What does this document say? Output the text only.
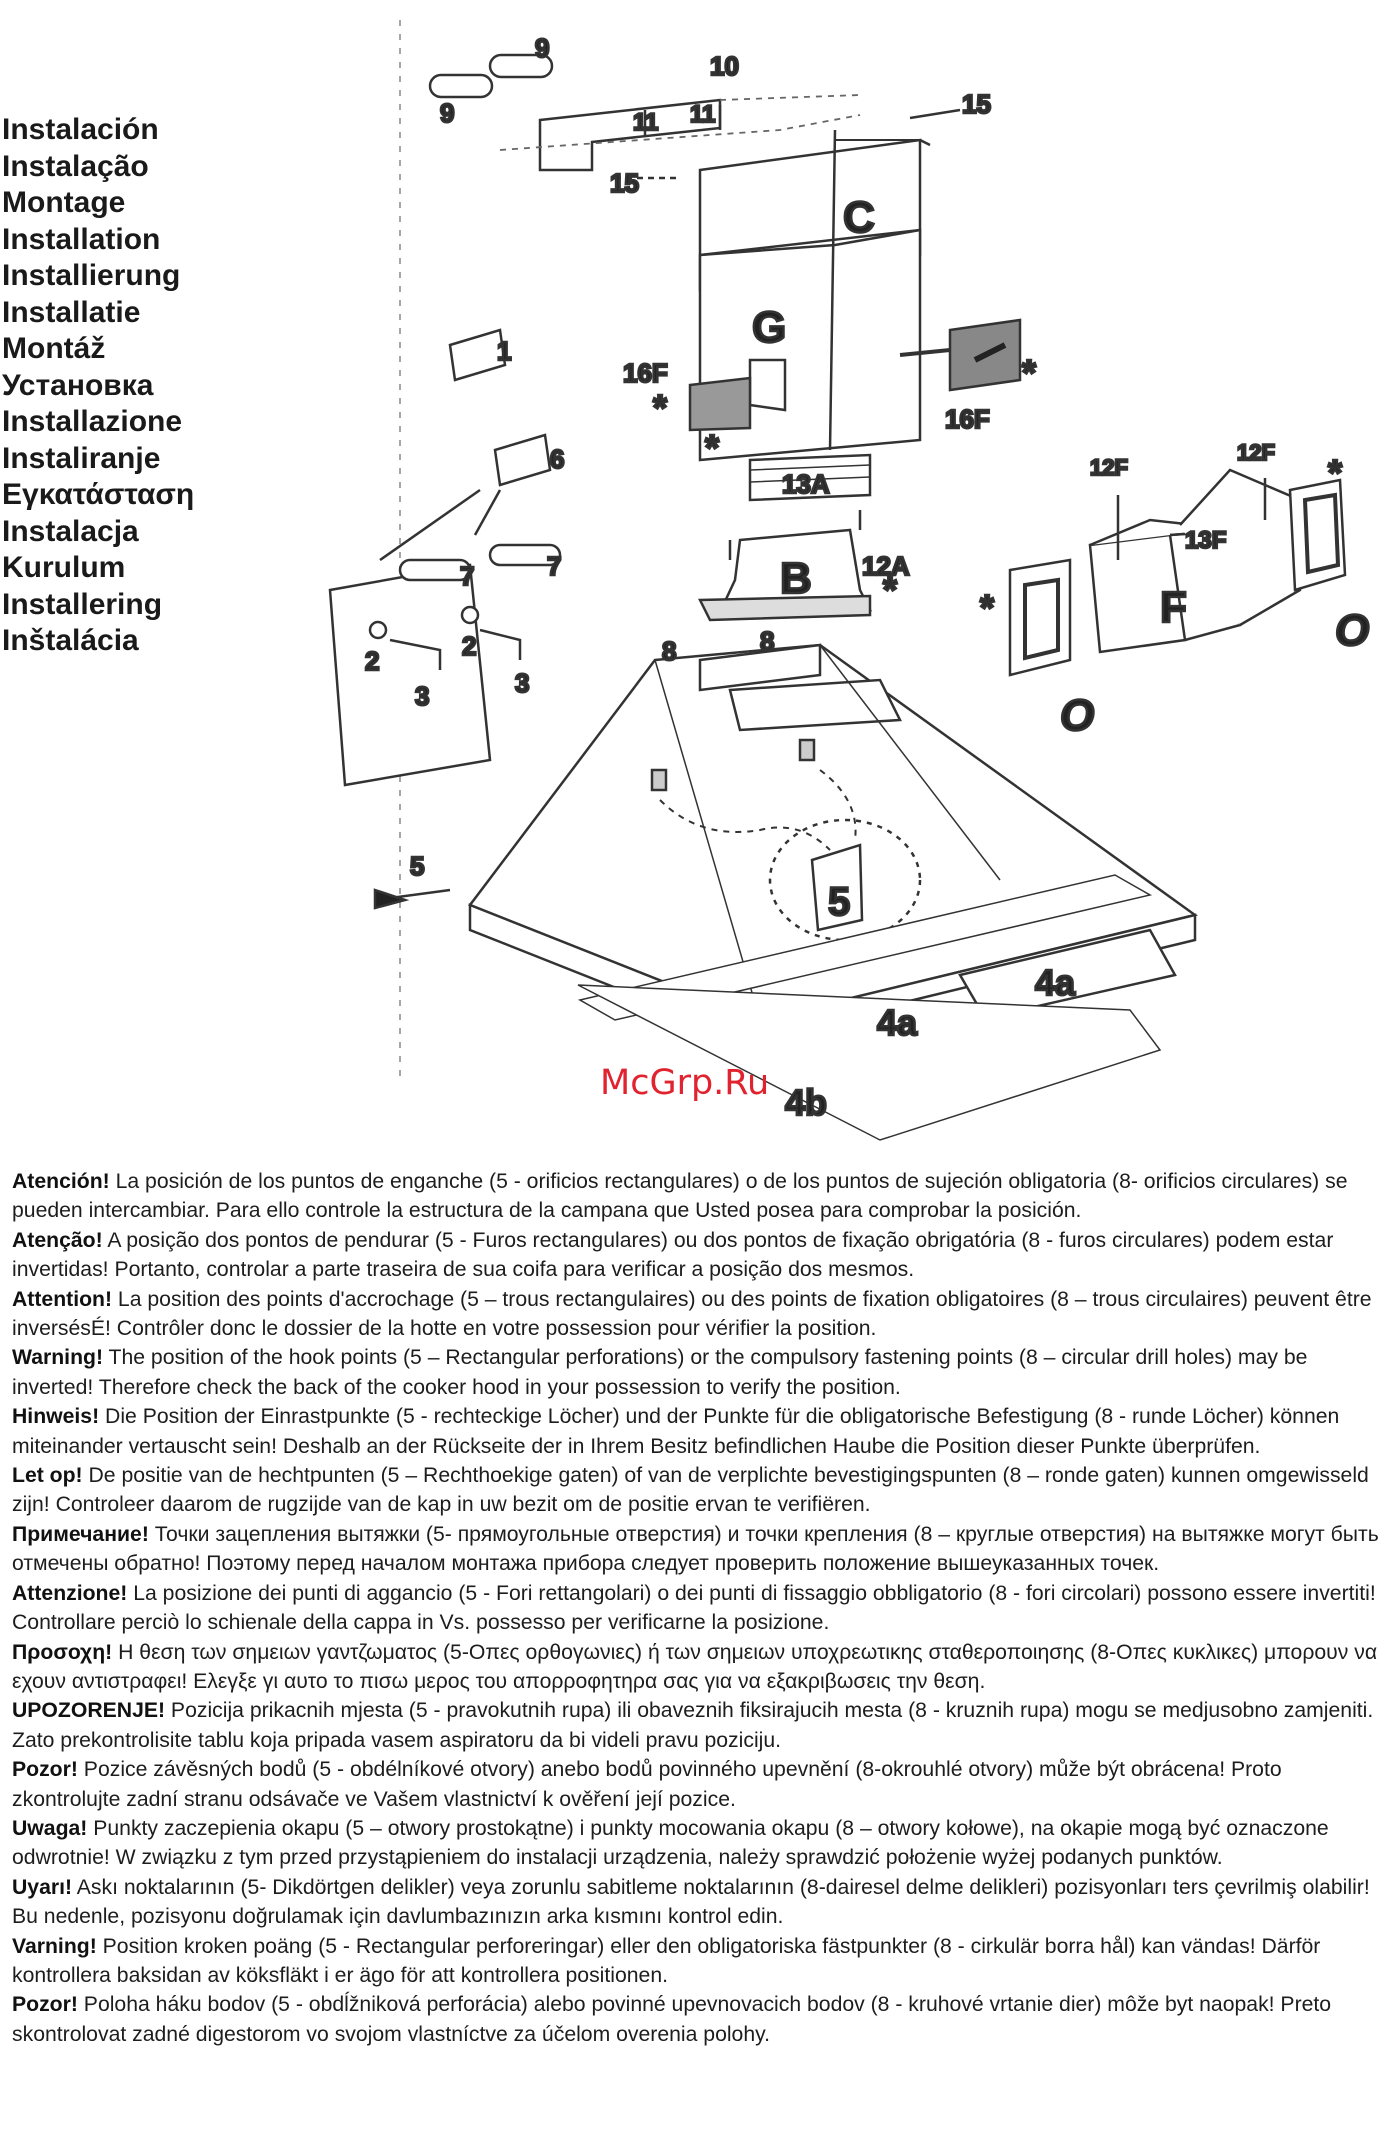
Instalación
Instalação
Montage
Installation
Installierung
Installatie
Montáž
Установка
Installazione
Instaliranje
Εγκατάσταση
Instalacja
Kurulum
Installering
Inštalácia
9
9
10
11 11	15
15
C
G
16F
16F
13A
B 12A
12F
12F
13F
F
O
O
1
6
7	7
2	2
3	3
8	8
5
5
4a
4a
4b
*
*
*
* *
*
McGrp.Ru

Atención! La posición de los puntos de enganche (5 - orificios rectangulares) o de los puntos de sujeción obligatoria (8- orificios circulares) se pueden intercambiar. Para ello controle la estructura de la campana que Usted posea para comprobar la posición.

Atenção! A posição dos pontos de pendurar (5 - Furos rectangulares) ou dos pontos de fixação obrigatória (8 - furos circulares) podem estar invertidas! Portanto, controlar a parte traseira de sua coifa para verificar a posição dos mesmos.

Attention! La position des points d'accrochage (5 – trous rectangulaires) ou des points de fixation obligatoires (8 – trous circulaires) peuvent être inversésÉ! Contrôler donc le dossier de la hotte en votre possession pour vérifier la position.

Warning! The position of the hook points (5 – Rectangular perforations) or the compulsory fastening points (8 – circular drill holes) may be inverted! Therefore check the back of the cooker hood in your possession to verify the position.

Hinweis! Die Position der Einrastpunkte (5 - rechteckige Löcher) und der Punkte für die obligatorische Befestigung (8 - runde Löcher) können miteinander vertauscht sein! Deshalb an der Rückseite der in Ihrem Besitz befindlichen Haube die Position dieser Punkte überprüfen.

Let op! De positie van de hechtpunten (5 – Rechthoekige gaten) of van de verplichte bevestigingspunten (8 – ronde gaten) kunnen omgewisseld zijn! Controleer daarom de rugzijde van de kap in uw bezit om de positie ervan te verifiëren.

Примечание! Точки зацепления вытяжки (5- прямоугольные отверстия) и точки крепления (8 – круглые отверстия) на вытяжке могут быть отмечены обратно! Поэтому перед началом монтажа прибора следует проверить положение вышеуказанных точек.

Attenzione! La posizione dei punti di aggancio (5 - Fori rettangolari) o dei punti di fissaggio obbligatorio (8 - fori circolari) possono essere invertiti! Controllare perciò lo schienale della cappa in Vs. possesso per verificarne la posizione.

Προσοχη! Η θεση των σημειων γαντζωματος (5-Οπες ορθογωνιες) ή των σημειων υποχρεωτικης σταθεροποιησης (8-Οπες κυκλικες) μπορουν να εχουν αντιστραφει! Ελεγξε γι αυτο το πισω μερος του απορροφητηρα σας για να εξακριβωσεις την θεση.

UPOZORENJE! Pozicija prikacnih mjesta (5 - pravokutnih rupa) ili obaveznih fiksirajucih mesta (8 - kruznih rupa) mogu se medjusobno zamjeniti. Zato prekontrolisite tablu koja pripada vasem aspiratoru da bi videli pravu poziciju.

Pozor! Pozice závěsných bodů (5 - obdélníkové otvory) anebo bodů povinného upevnění (8-okrouhlé otvory) může být obrácena! Proto zkontrolujte zadní stranu odsávače ve Vašem vlastnictví k ověření její pozice.

Uwaga! Punkty zaczepienia okapu (5 – otwory prostokątne) i punkty mocowania okapu (8 – otwory kołowe), na okapie mogą być oznaczone odwrotnie! W związku z tym przed przystąpieniem do instalacji urządzenia, należy sprawdzić położenie wyżej podanych punktów.

Uyarı! Askı noktalarının (5- Dikdörtgen delikler) veya zorunlu sabitleme noktalarının (8-dairesel delme delikleri) pozisyonları ters çevrilmiş olabilir! Bu nedenle, pozisyonu doğrulamak için davlumbazınızın arka kısmını kontrol edin.

Varning! Position kroken poäng (5 - Rectangular perforeringar) eller den obligatoriska fästpunkter (8 - cirkulär borra hål) kan vändas! Därför kontrollera baksidan av köksfläkt i er ägo för att kontrollera positionen.

Pozor! Poloha háku bodov (5 - obdĺžniková perforácia) alebo povinné upevnovacich bodov (8 - kruhové vrtanie dier) môže byt naopak! Preto skontrolovat zadné digestorom vo svojom vlastníctve za účelom overenia polohy.
